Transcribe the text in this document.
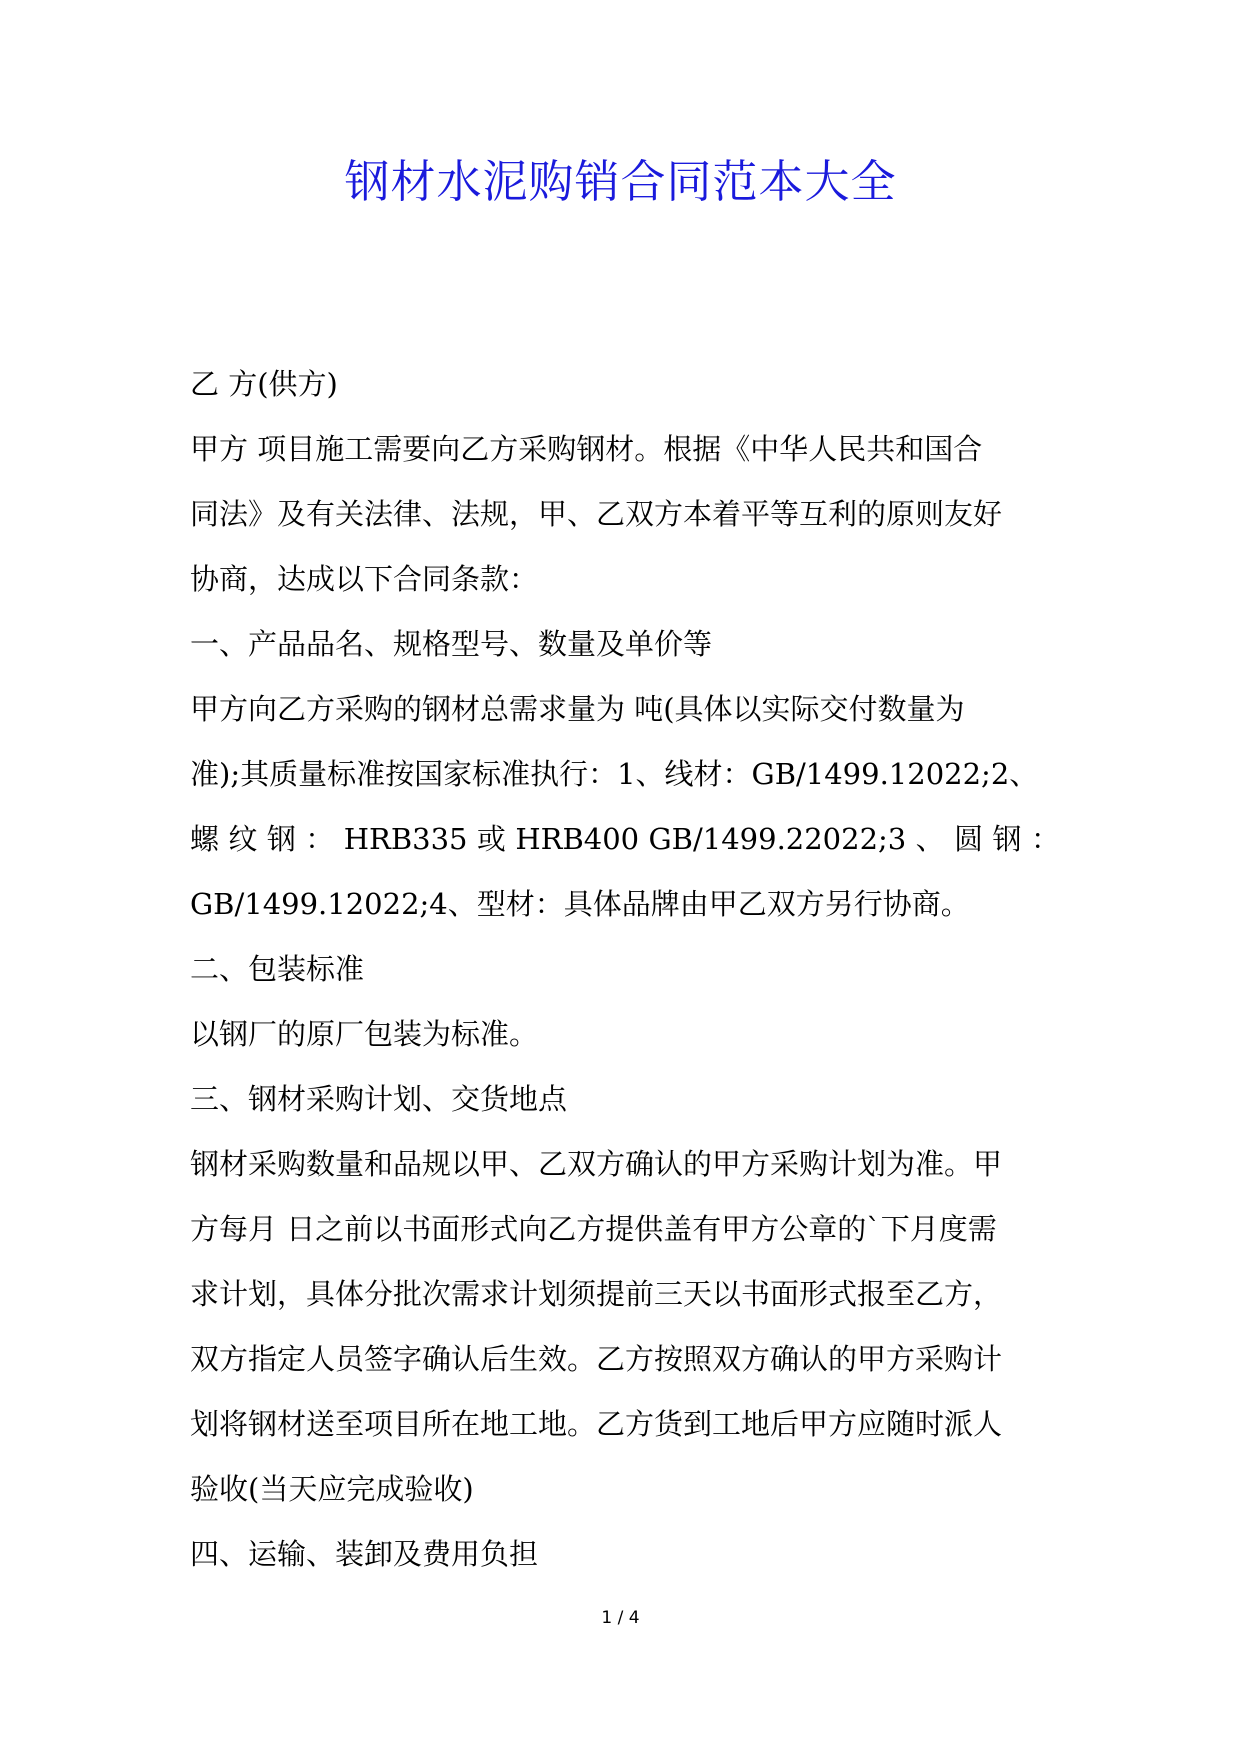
钢材水泥购销合同范本大全
乙 方(供方)
甲方 项目施工需要向乙方采购钢材。根据《中华人民共和国合
同法》及有关法律、法规，甲、乙双方本着平等互利的原则友好
协商，达成以下合同条款：
一、产品品名、规格型号、数量及单价等
甲方向乙方采购的钢材总需求量为 吨(具体以实际交付数量为
准);其质量标准按国家标准执行：1、线材：GB/1499.12022;2、
螺 纹 钢 ： HRB335 或 HRB400 GB/1499.22022;3 、 圆 钢 ：
GB/1499.12022;4、型材：具体品牌由甲乙双方另行协商。
二、包装标准
以钢厂的原厂包装为标准。
三、钢材采购计划、交货地点
钢材采购数量和品规以甲、乙双方确认的甲方采购计划为准。甲
方每月 日之前以书面形式向乙方提供盖有甲方公章的`下月度需
求计划，具体分批次需求计划须提前三天以书面形式报至乙方，
双方指定人员签字确认后生效。乙方按照双方确认的甲方采购计
划将钢材送至项目所在地工地。乙方货到工地后甲方应随时派人
验收(当天应完成验收)
四、运输、装卸及费用负担
1 / 4
